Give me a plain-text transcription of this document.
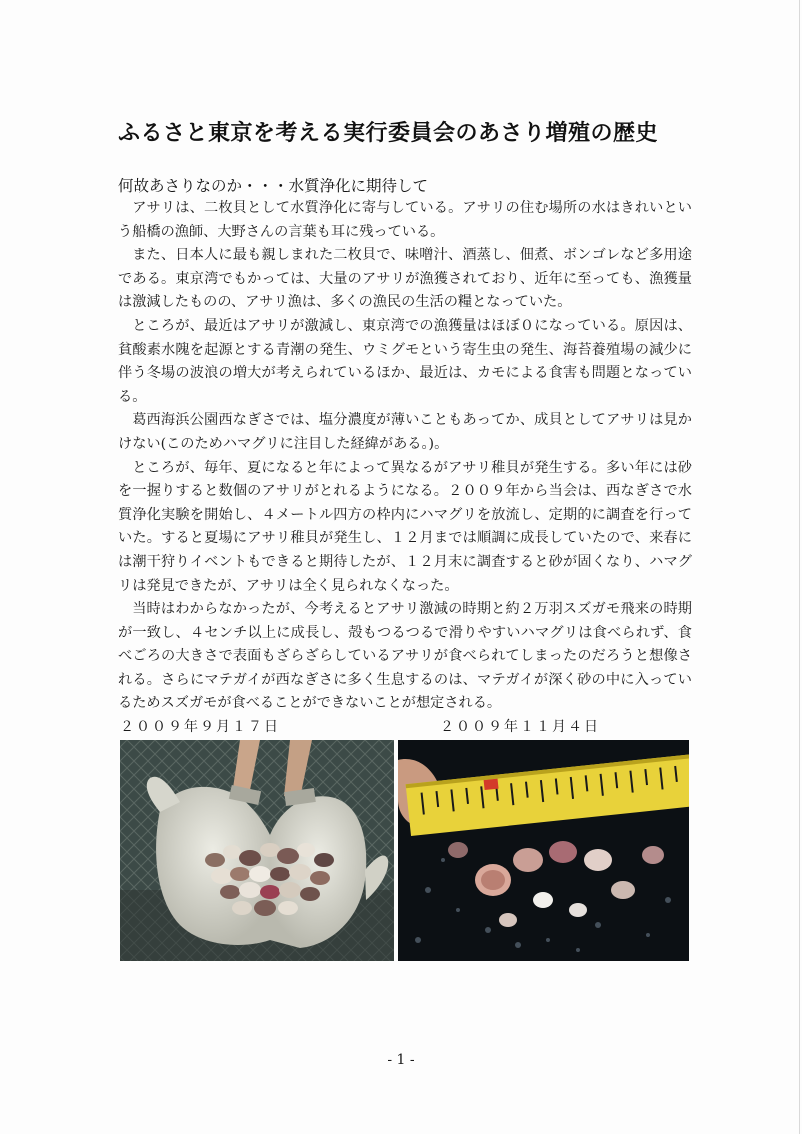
ふるさと東京を考える実行委員会のあさり増殖の歴史
何故あさりなのか・・・水質浄化に期待して

アサリは、二枚貝として水質浄化に寄与している。アサリの住む場所の水はきれいという船橋の漁師、大野さんの言葉も耳に残っている。

また、日本人に最も親しまれた二枚貝で、味噌汁、酒蒸し、佃煮、ボンゴレなど多用途である。東京湾でもかっては、大量のアサリが漁獲されており、近年に至っても、漁獲量は激減したものの、アサリ漁は、多くの漁民の生活の糧となっていた。

ところが、最近はアサリが激減し、東京湾での漁獲量はほぼ０になっている。原因は、貧酸素水隗を起源とする青潮の発生、ウミグモという寄生虫の発生、海苔養殖場の減少に伴う冬場の波浪の増大が考えられているほか、最近は、カモによる食害も問題となっている。

葛西海浜公園西なぎさでは、塩分濃度が薄いこともあってか、成貝としてアサリは見かけない(このためハマグリに注目した経緯がある。)。

ところが、毎年、夏になると年によって異なるがアサリ稚貝が発生する。多い年には砂を一握りすると数個のアサリがとれるようになる。２００９年から当会は、西なぎさで水質浄化実験を開始し、４メートル四方の枠内にハマグリを放流し、定期的に調査を行っていた。すると夏場にアサリ稚貝が発生し、１２月までは順調に成長していたので、来春には潮干狩りイベントもできると期待したが、１２月末に調査すると砂が固くなり、ハマグリは発見できたが、アサリは全く見られなくなった。

当時はわからなかったが、今考えるとアサリ激減の時期と約２万羽スズガモ飛来の時期が一致し、４センチ以上に成長し、殻もつるつるで滑りやすいハマグリは食べられず、食べごろの大きさで表面もざらざらしているアサリが食べられてしまったのだろうと想像される。さらにマテガイが西なぎさに多く生息するのは、マテガイが深く砂の中に入っているためスズガモが食べることができないことが想定される。

２００９年９月１７日	２００９年１１月４日
- 1 -
